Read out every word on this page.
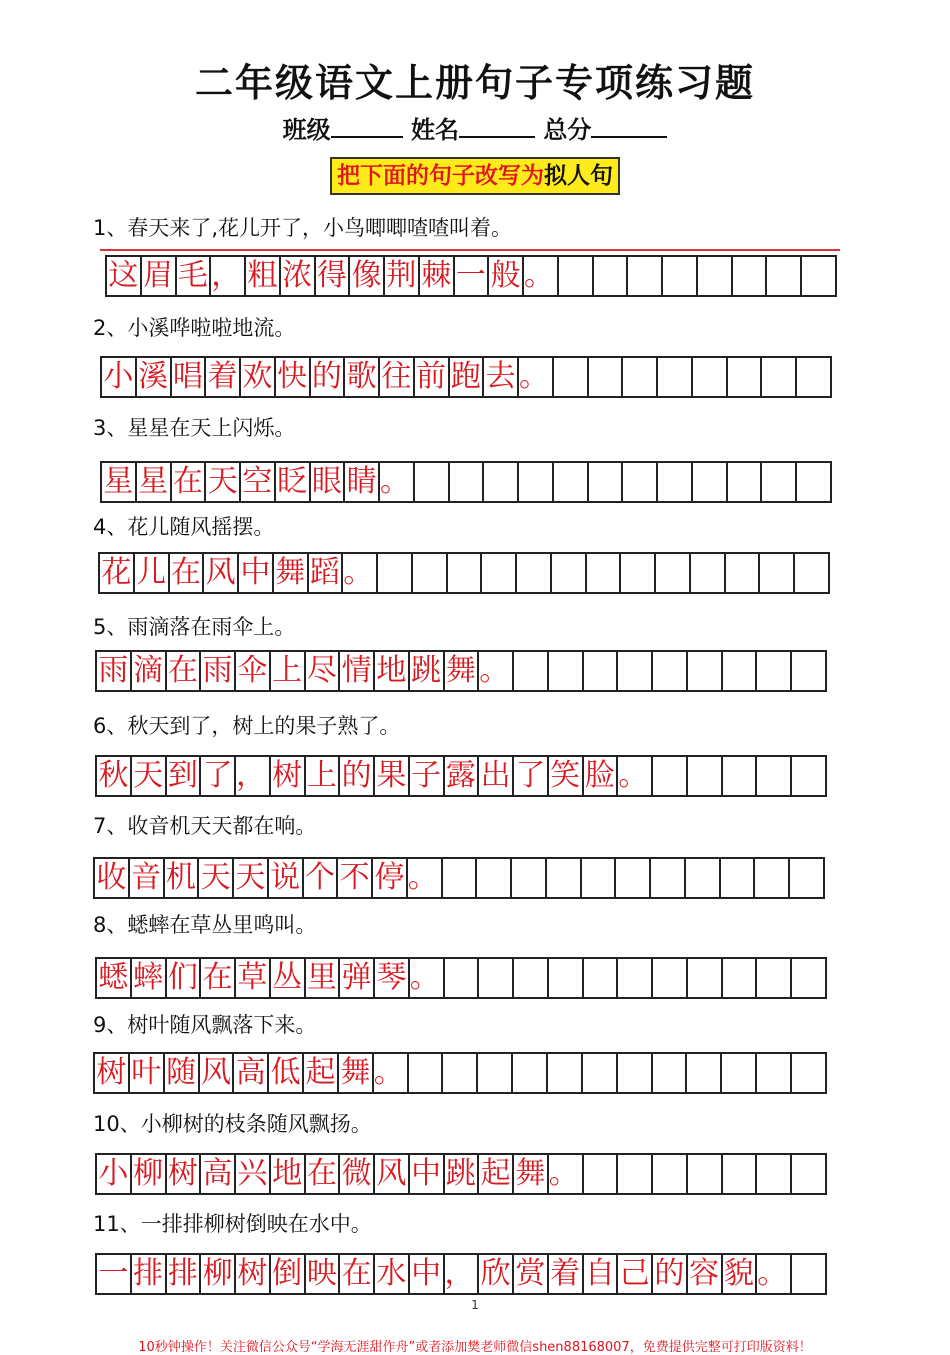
二年级语文上册句子专项练习题
班级	姓名	总分
把下面的句子改写为拟人句
1、春天来了,花儿开了，小鸟唧唧喳喳叫着。
这 眉 毛 ， 粗 浓 得 像 荆 棘 一 般 。
2、小溪哗啦啦地流。
小 溪 唱 着 欢 快 的 歌 往 前 跑 去 。
3、星星在天上闪烁。
星 星 在 天 空 眨 眼 睛 。
4、花儿随风摇摆。
花 儿 在 风 中 舞 蹈 。
5、雨滴落在雨伞上。
雨 滴 在 雨 伞 上 尽 情 地 跳 舞 。
6、秋天到了，树上的果子熟了。
秋 天 到 了 ， 树 上 的 果 子 露 出 了 笑 脸 。
7、收音机天天都在响。
收 音 机 天 天 说 个 不 停 。
8、蟋蟀在草丛里鸣叫。
蟋 蟀 们 在 草 丛 里 弹 琴 。
9、树叶随风飘落下来。
树 叶 随 风 高 低 起 舞 。
10、小柳树的枝条随风飘扬。
小 柳 树 高 兴 地 在 微 风 中 跳 起 舞 。
11、一排排柳树倒映在水中。
一 排 排 柳 树 倒 映 在 水 中 ， 欣 赏 着 自 己 的 容 貌 。
1
10秒钟操作！关注微信公众号“学海无涯甜作舟”或者添加樊老师微信shen88168007，免费提供完整可打印版资料！
